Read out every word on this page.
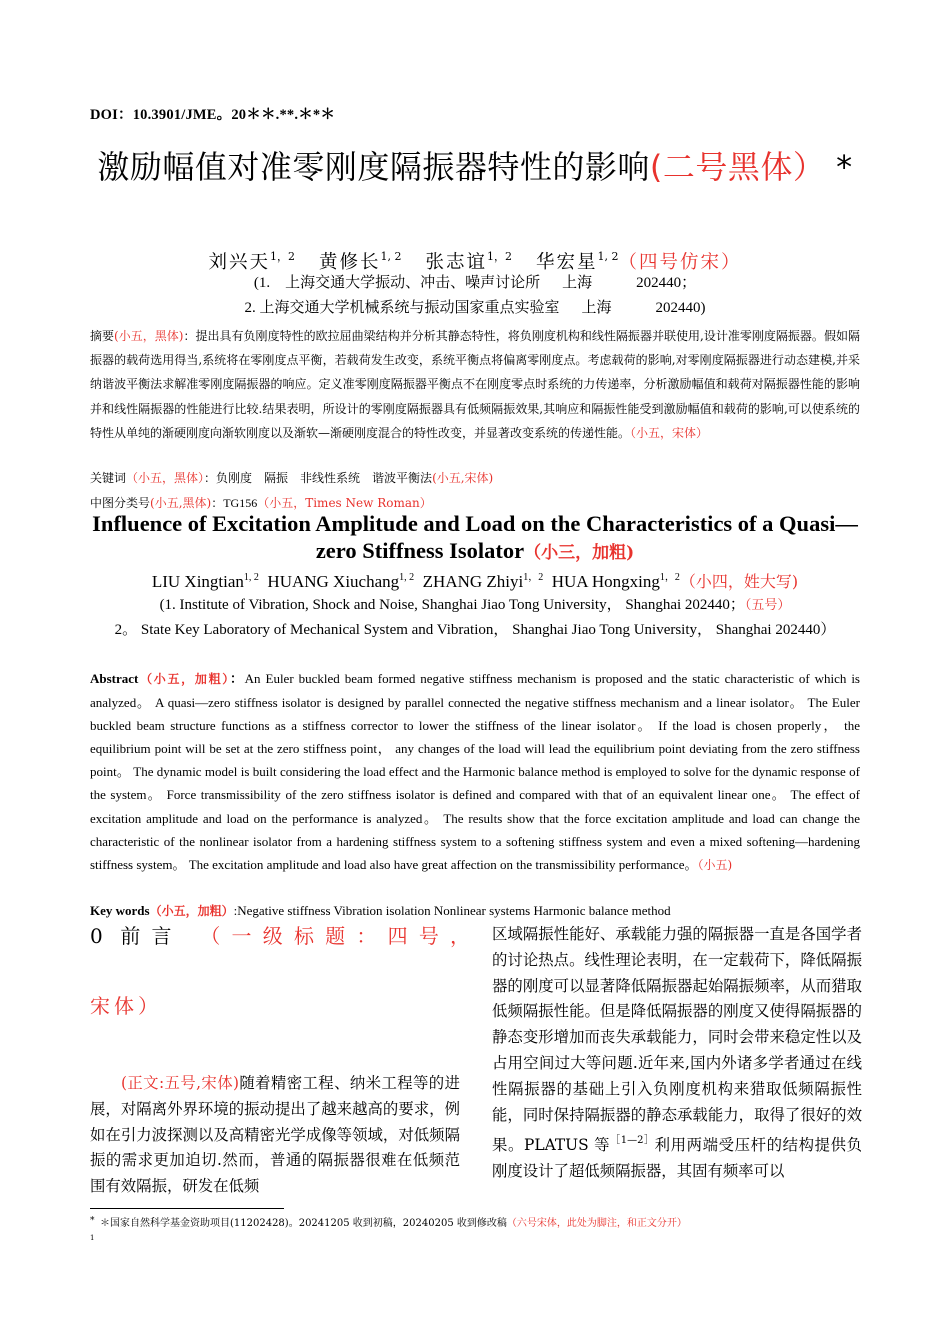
DOI：10.3901/JME。20＊＊.**.＊*＊
激励幅值对准零刚度隔振器特性的影响(二号黑体） *
刘兴天$^{1,2}$ 黄修长$^{1, 2}$ 张志谊$^{1,2}$ 华宏星$^{1, 2}$（四号仿宋）
(1.　上海交通大学振动、冲击、噪声讨论所 上海	202440；
2. 上海交通大学机械系统与振动国家重点实验室 上海	202440)
摘要(小五，黑体)：提出具有负刚度特性的欧拉屈曲梁结构并分析其静态特性，将负刚度机构和线性隔振器并联使用,设计准零刚度隔振器。假如隔振器的载荷选用得当,系统将在零刚度点平衡，若载荷发生改变，系统平衡点将偏离零刚度点。考虑载荷的影响,对零刚度隔振器进行动态建模,并采纳谐波平衡法求解准零刚度隔振器的响应。定义准零刚度隔振器平衡点不在刚度零点时系统的力传递率，分析激励幅值和载荷对隔振器性能的影响并和线性隔振器的性能进行比较.结果表明，所设计的零刚度隔振器具有低频隔振效果,其响应和隔振性能受到激励幅值和载荷的影响,可以使系统的特性从单纯的渐硬刚度向渐软刚度以及渐软—渐硬刚度混合的特性改变，并显著改变系统的传递性能。（小五，宋体）
关键词（小五，黑体）：负刚度　隔振　非线性系统　谐波平衡法(小五,宋体)
中图分类号(小五,黑体)：TG156（小五，Times New Roman）
Influence of Excitation Amplitude and Load on the Characteristics of a Quasi—zero Stiffness Isolator（小三，加粗)
LIU Xingtian$^{1, 2}$ HUANG Xiuchang$^{1, 2}$ ZHANG Zhiyi$^{1,2}$ HUA Hongxing$^{1,2}$（小四，姓大写)
(1. Institute of Vibration, Shock and Noise, Shanghai Jiao Tong University， Shanghai 202440；（五号）
2。 State Key Laboratory of Mechanical System and Vibration， Shanghai Jiao Tong University， Shanghai 202440）
Abstract（小五，加粗）：An Euler buckled beam formed negative stiffness mechanism is proposed and the static characteristic of which is analyzed。 A quasi—zero stiffness isolator is designed by parallel connected the negative stiffness mechanism and a linear isolator。 The Euler buckled beam structure functions as a stiffness corrector to lower the stiffness of the linear isolator。 If the load is chosen properly， the equilibrium point will be set at the zero stiffness point， any changes of the load will lead the equilibrium point deviating from the zero stiffness point。 The dynamic model is built considering the load effect and the Harmonic balance method is employed to solve for the dynamic response of the system。 Force transmissibility of the zero stiffness isolator is defined and compared with that of an equivalent linear one。 The effect of excitation amplitude and load on the performance is analyzed。 The results show that the force excitation amplitude and load can change the characteristic of the nonlinear isolator from a hardening stiffness system to a softening stiffness system and even a mixed softening—hardening stiffness system。 The excitation amplitude and load also have great affection on the transmissibility performance。（小五)
Key words（小五，加粗）:Negative stiffness Vibration isolation Nonlinear systems Harmonic balance method
0 前言 （一级标题：四号，
宋体）
(正文:五号,宋体)随着精密工程、纳米工程等的进展，对隔离外界环境的振动提出了越来越高的要求，例如在引力波探测以及高精密光学成像等领域，对低频隔振的需求更加迫切.然而，普通的隔振器很难在低频范围有效隔振，研发在低频
区域隔振性能好、承载能力强的隔振器一直是各国学者的讨论热点。线性理论表明，在一定载荷下，降低隔振器的刚度可以显著降低隔振器起始隔振频率，从而猎取低频隔振性能。但是降低隔振器的刚度又使得隔振器的静态变形增加而丧失承载能力，同时会带来稳定性以及占用空间过大等问题.近年来,国内外诸多学者通过在线性隔振器的基础上引入负刚度机构来猎取低频隔振性能，同时保持隔振器的静态承载能力，取得了很好的效果。PLATUS 等$^{[1—2]}$利用两端受压杆的结构提供负刚度设计了超低频隔振器，其固有频率可以
* ＊国家自然科学基金资助项目(11202428)。20241205 收到初稿，20240205 收到修改稿（六号宋体，此处为脚注，和正文分开）
1
